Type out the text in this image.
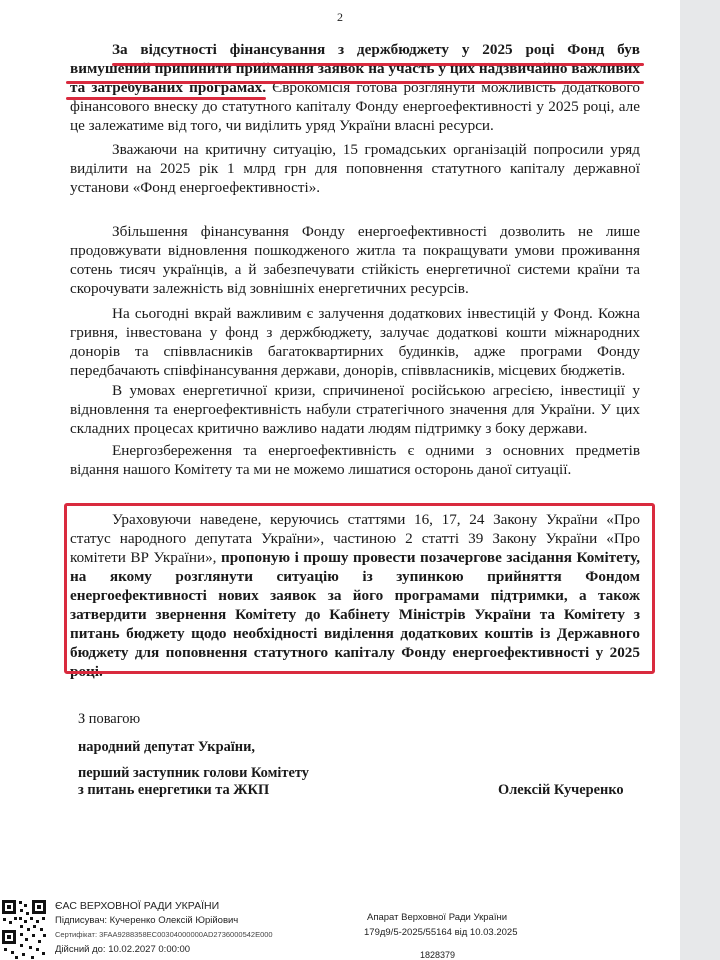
2

За відсутності фінансування з держбюджету у 2025 році Фонд був вимушений припинити приймання заявок на участь у цих надзвичайно важливих та затребуваних програмах. Єврокомісія готова розглянути можливість додаткового фінансового внеску до статутного капіталу Фонду енергоефективності у 2025 році, але це залежатиме від того, чи виділить уряд України власні ресурси.

Зважаючи на критичну ситуацію, 15 громадських організацій попросили уряд виділити на 2025 рік 1 млрд грн для поповнення статутного капіталу державної установи «Фонд енергоефективності».

Збільшення фінансування Фонду енергоефективності дозволить не лише продовжувати відновлення пошкодженого житла та покращувати умови проживання сотень тисяч українців, а й забезпечувати стійкість енергетичної системи країни та скорочувати залежність від зовнішніх енергетичних ресурсів.

На сьогодні вкрай важливим є залучення додаткових інвестицій у Фонд. Кожна гривня, інвестована у фонд з держбюджету, залучає додаткові кошти міжнародних донорів та співвласників багатоквартирних будинків, адже програми Фонду передбачають співфінансування держави, донорів, співвласників, місцевих бюджетів.

В умовах енергетичної кризи, спричиненої російською агресією, інвестиції у відновлення та енергоефективність набули стратегічного значення для України. У цих складних процесах критично важливо надати людям підтримку з боку держави.

Енергозбереження та енергоефективність є одними з основних предметів відання нашого Комітету та ми не можемо лишатися осторонь даної ситуації.

Ураховуючи наведене, керуючись статтями 16, 17, 24 Закону України «Про статус народного депутата України», частиною 2 статті 39 Закону України «Про комітети ВР України», пропоную і прошу провести позачергове засідання Комітету, на якому розглянути ситуацію із зупинкою прийняття Фондом енергоефективності нових заявок за його програмами підтримки, а також затвердити звернення Комітету до Кабінету Міністрів України та Комітету з питань бюджету щодо необхідності виділення додаткових коштів із Державного бюджету для поповнення статутного капіталу Фонду енергоефективності у 2025 році.

З повагою
народний депутат України,
перший заступник голови Комітету
з питань енергетики та ЖКП	Олексій Кучеренко
ЄАС ВЕРХОВНОЇ РАДИ УКРАЇНИ
Підписувач: Кучеренко Олексій Юрійович
Сертифікат: 3FAA9288358EC00304000000AD2736000542E000
Дійсний до: 10.02.2027 0:00:00
Апарат Верховної Ради України
179д9/5-2025/55164 від 10.03.2025
1828379
